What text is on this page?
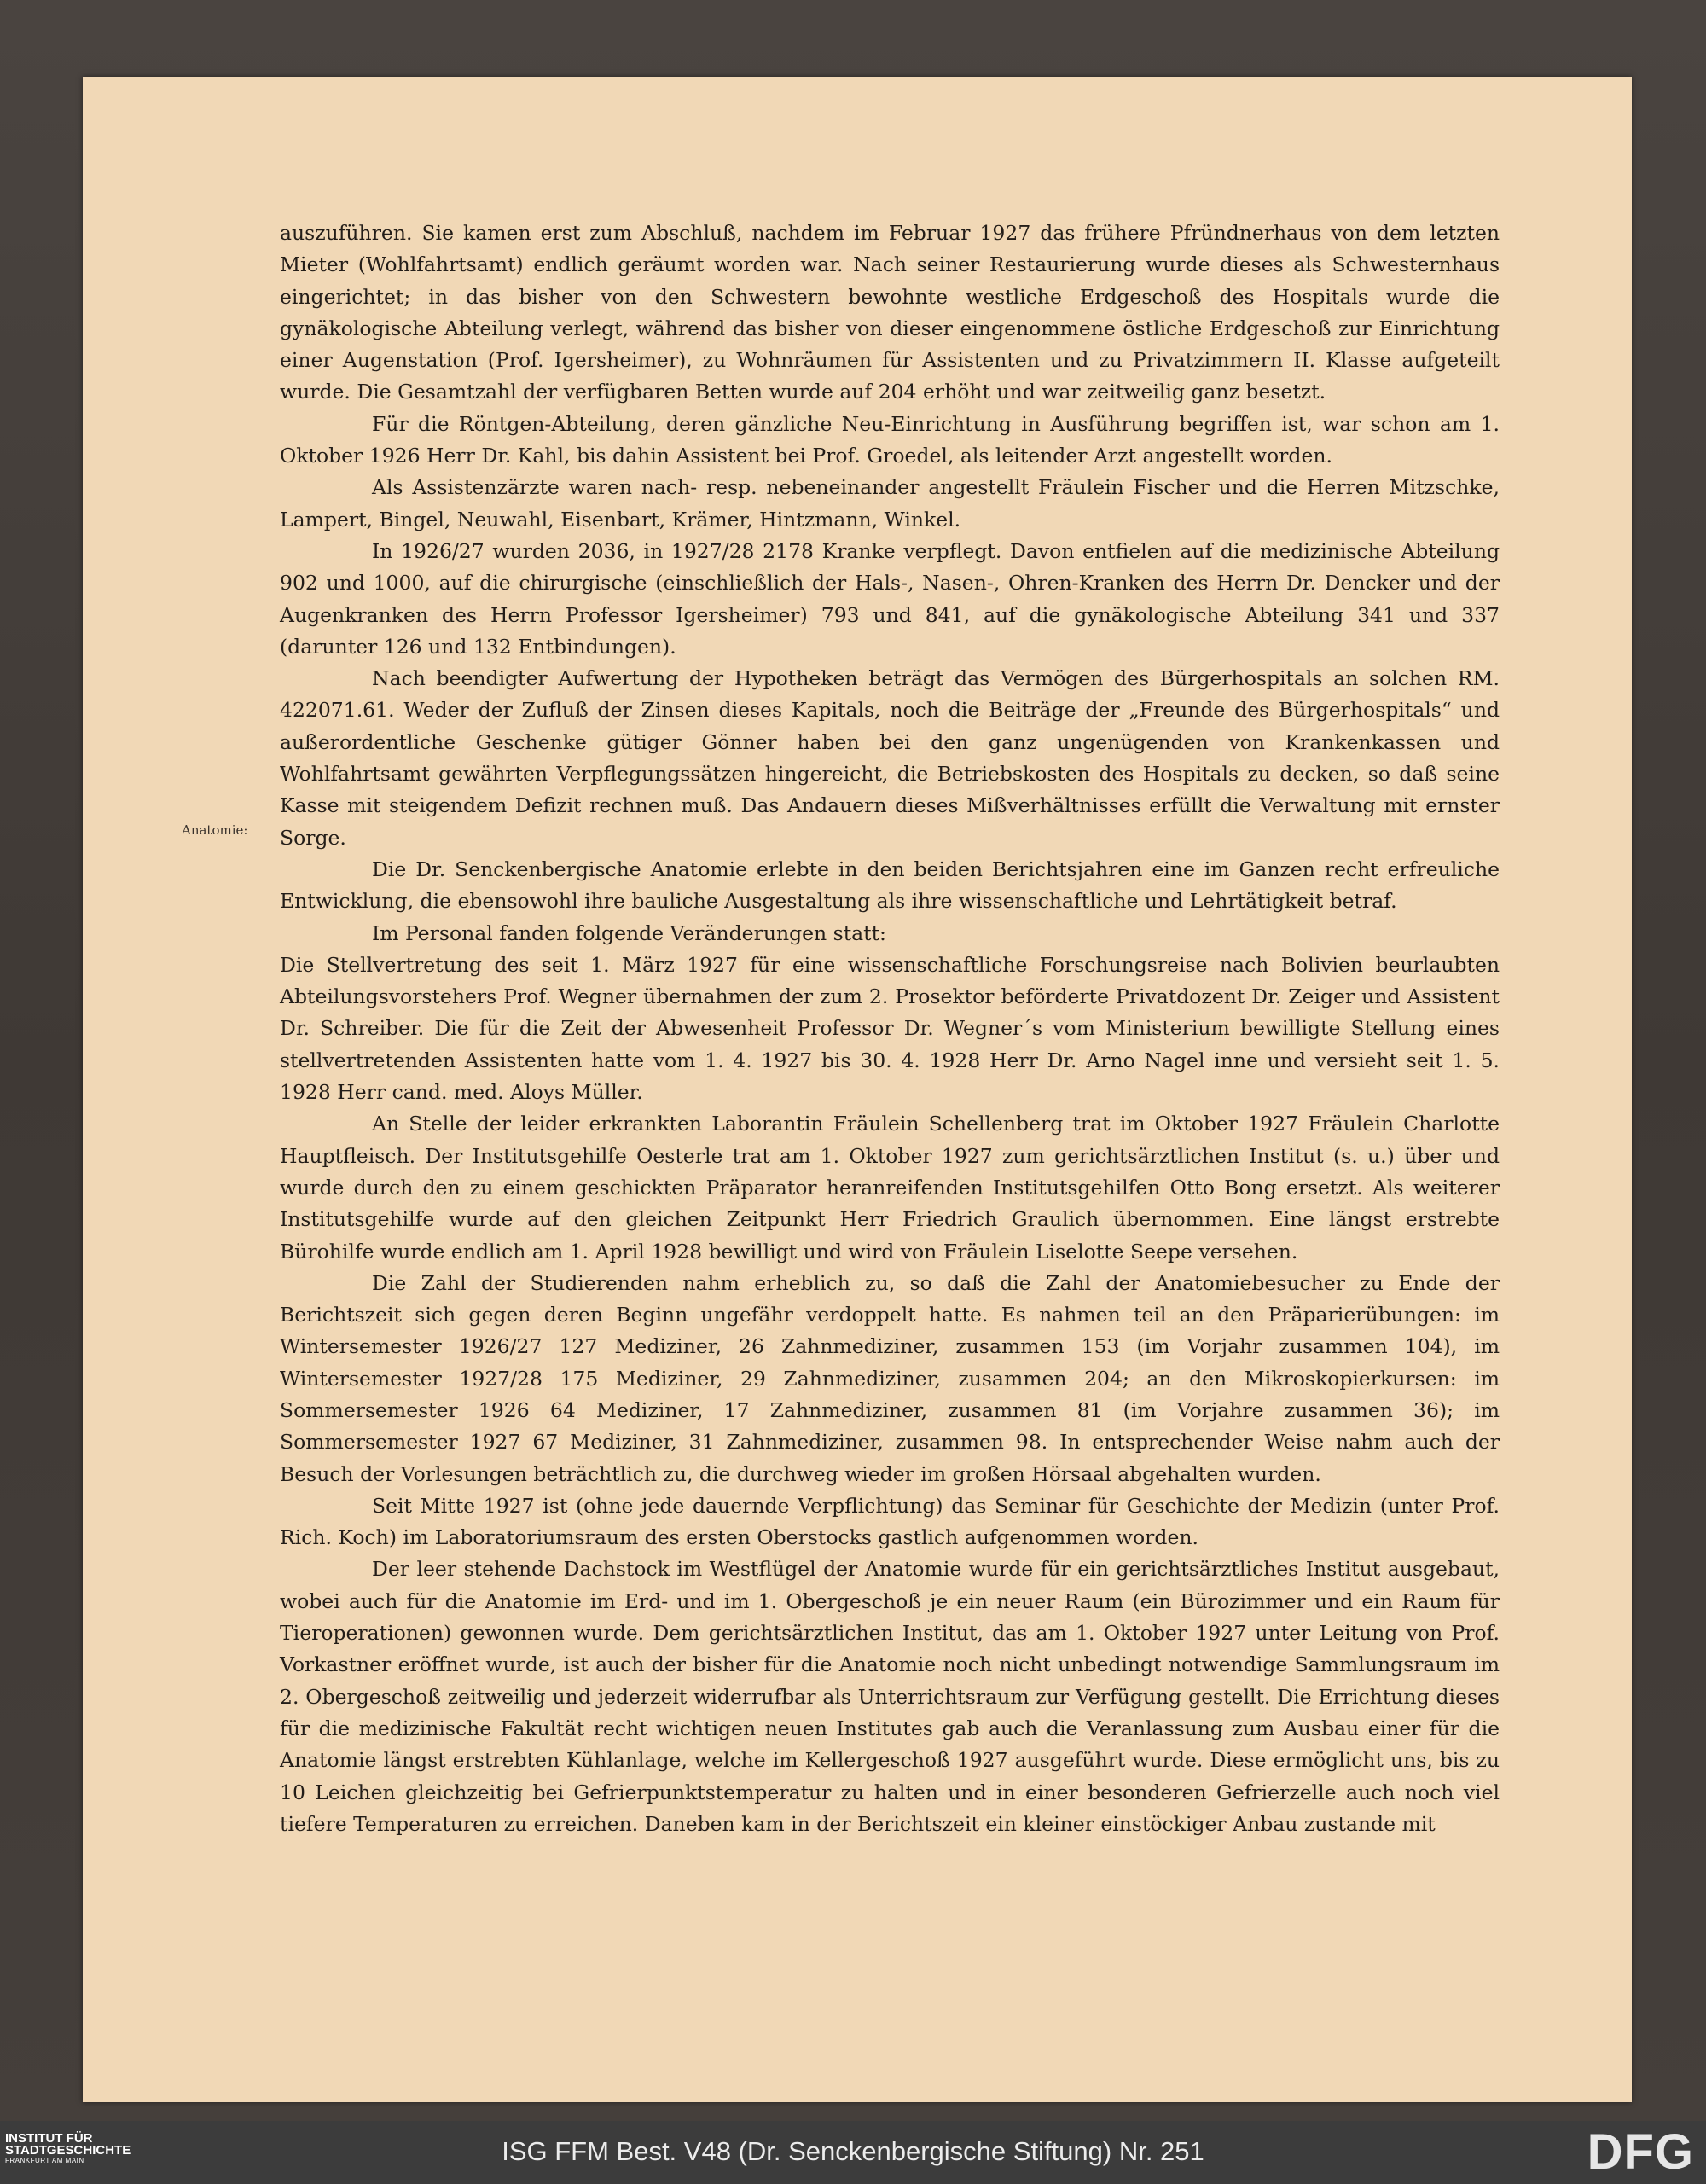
Anatomie:

auszuführen. Sie kamen erst zum Abschluß, nachdem im Februar 1927 das frühere Pfründnerhaus von dem letzten Mieter (Wohlfahrtsamt) endlich geräumt worden war. Nach seiner Restaurierung wurde dieses als Schwesternhaus eingerichtet; in das bisher von den Schwestern bewohnte westliche Erdgeschoß des Hospitals wurde die gynäkologische Abteilung verlegt, während das bisher von dieser eingenommene östliche Erdgeschoß zur Einrichtung einer Augenstation (Prof. Igersheimer), zu Wohnräumen für Assistenten und zu Privatzimmern II. Klasse aufgeteilt wurde. Die Gesamtzahl der verfügbaren Betten wurde auf 204 erhöht und war zeitweilig ganz besetzt.

Für die Röntgen-Abteilung, deren gänzliche Neu-Einrichtung in Ausführung begriffen ist, war schon am 1. Oktober 1926 Herr Dr. Kahl, bis dahin Assistent bei Prof. Groedel, als leitender Arzt angestellt worden.

Als Assistenzärzte waren nach- resp. nebeneinander angestellt Fräulein Fischer und die Herren Mitzschke, Lampert, Bingel, Neuwahl, Eisenbart, Krämer, Hintzmann, Winkel.

In 1926/27 wurden 2036, in 1927/28 2178 Kranke verpflegt. Davon entfielen auf die medizinische Abteilung 902 und 1000, auf die chirurgische (einschließlich der Hals-, Nasen-, Ohren-Kranken des Herrn Dr. Dencker und der Augenkranken des Herrn Professor Igersheimer) 793 und 841, auf die gynäkologische Abteilung 341 und 337 (darunter 126 und 132 Entbindungen).

Nach beendigter Aufwertung der Hypotheken beträgt das Vermögen des Bürgerhospitals an solchen RM. 422071.61. Weder der Zufluß der Zinsen dieses Kapitals, noch die Beiträge der „Freunde des Bürgerhospitals“ und außerordentliche Geschenke gütiger Gönner haben bei den ganz ungenügenden von Krankenkassen und Wohlfahrtsamt gewährten Verpflegungssätzen hingereicht, die Betriebskosten des Hospitals zu decken, so daß seine Kasse mit steigendem Defizit rechnen muß. Das Andauern dieses Mißverhältnisses erfüllt die Verwaltung mit ernster Sorge.

Die Dr. Senckenbergische Anatomie erlebte in den beiden Berichtsjahren eine im Ganzen recht erfreuliche Entwicklung, die ebensowohl ihre bauliche Ausgestaltung als ihre wissenschaftliche und Lehrtätigkeit betraf.

Im Personal fanden folgende Veränderungen statt:

Die Stellvertretung des seit 1. März 1927 für eine wissenschaftliche Forschungsreise nach Bolivien beurlaubten Abteilungsvorstehers Prof. Wegner übernahmen der zum 2. Prosektor beförderte Privatdozent Dr. Zeiger und Assistent Dr. Schreiber. Die für die Zeit der Abwesenheit Professor Dr. Wegner´s vom Ministerium bewilligte Stellung eines stellvertretenden Assistenten hatte vom 1. 4. 1927 bis 30. 4. 1928 Herr Dr. Arno Nagel inne und versieht seit 1. 5. 1928 Herr cand. med. Aloys Müller.

An Stelle der leider erkrankten Laborantin Fräulein Schellenberg trat im Oktober 1927 Fräulein Charlotte Hauptfleisch. Der Institutsgehilfe Oesterle trat am 1. Oktober 1927 zum gerichtsärztlichen Institut (s. u.) über und wurde durch den zu einem geschickten Präparator heranreifenden Institutsgehilfen Otto Bong ersetzt. Als weiterer Institutsgehilfe wurde auf den gleichen Zeitpunkt Herr Friedrich Graulich übernommen. Eine längst erstrebte Bürohilfe wurde endlich am 1. April 1928 bewilligt und wird von Fräulein Liselotte Seepe versehen.

Die Zahl der Studierenden nahm erheblich zu, so daß die Zahl der Anatomiebesucher zu Ende der Berichtszeit sich gegen deren Beginn ungefähr verdoppelt hatte. Es nahmen teil an den Präparierübungen: im Wintersemester 1926/27 127 Mediziner, 26 Zahnmediziner, zusammen 153 (im Vorjahr zusammen 104), im Wintersemester 1927/28 175 Mediziner, 29 Zahnmediziner, zusammen 204; an den Mikroskopierkursen: im Sommersemester 1926 64 Mediziner, 17 Zahnmediziner, zusammen 81 (im Vorjahre zusammen 36); im Sommersemester 1927 67 Mediziner, 31 Zahnmediziner, zusammen 98. In entsprechender Weise nahm auch der Besuch der Vorlesungen beträchtlich zu, die durchweg wieder im großen Hörsaal abgehalten wurden.

Seit Mitte 1927 ist (ohne jede dauernde Verpflichtung) das Seminar für Geschichte der Medizin (unter Prof. Rich. Koch) im Laboratoriumsraum des ersten Oberstocks gastlich aufgenommen worden.

Der leer stehende Dachstock im Westflügel der Anatomie wurde für ein gerichtsärztliches Institut ausgebaut, wobei auch für die Anatomie im Erd- und im 1. Obergeschoß je ein neuer Raum (ein Bürozimmer und ein Raum für Tieroperationen) gewonnen wurde. Dem gerichtsärztlichen Institut, das am 1. Oktober 1927 unter Leitung von Prof. Vorkastner eröffnet wurde, ist auch der bisher für die Anatomie noch nicht unbedingt notwendige Sammlungsraum im 2. Obergeschoß zeitweilig und jederzeit widerrufbar als Unterrichtsraum zur Verfügung gestellt. Die Errichtung dieses für die medizinische Fakultät recht wichtigen neuen Institutes gab auch die Veranlassung zum Ausbau einer für die Anatomie längst erstrebten Kühlanlage, welche im Kellergeschoß 1927 ausgeführt wurde. Diese ermöglicht uns, bis zu 10 Leichen gleichzeitig bei Gefrierpunktstemperatur zu halten und in einer besonderen Gefrierzelle auch noch viel tiefere Temperaturen zu erreichen. Daneben kam in der Berichtszeit ein kleiner einstöckiger Anbau zustande mit

INSTITUT FÜR
STADTGESCHICHTE
FRANKFURT AM MAIN	ISG FFM Best. V48 (Dr. Senckenbergische Stiftung) Nr. 251	DFG
